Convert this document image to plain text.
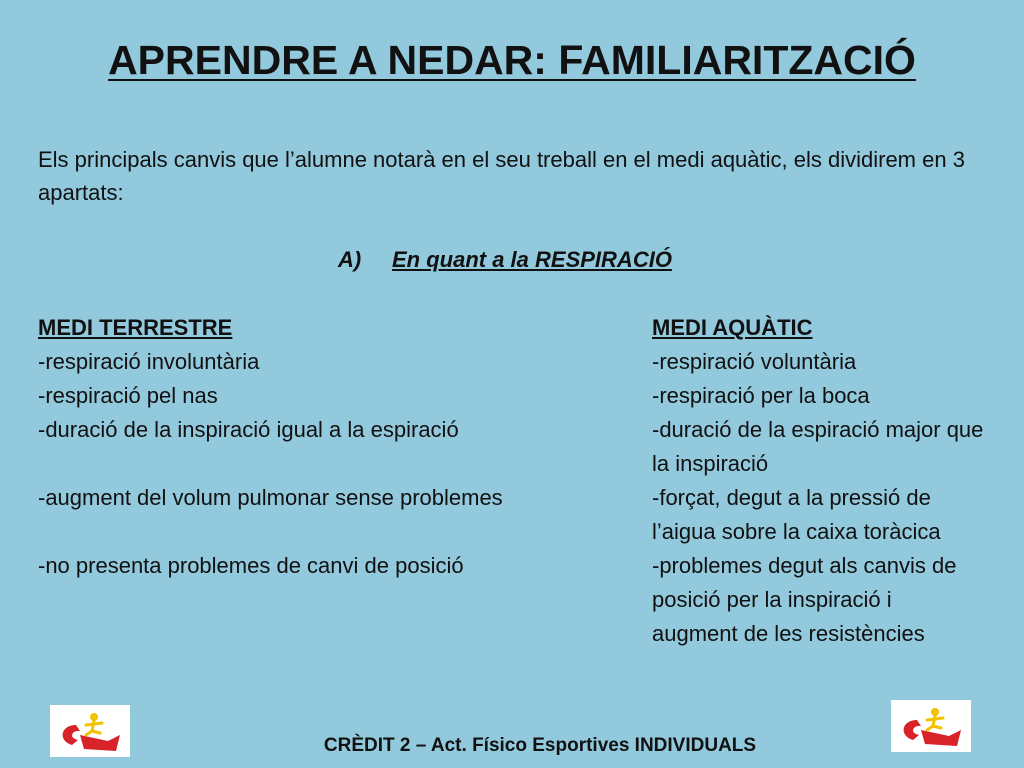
APRENDRE A NEDAR: FAMILIARITZACIÓ
Els principals canvis que l’alumne notarà en el seu treball en el medi aquàtic, els dividirem en 3 apartats:
A) En quant a la RESPIRACIÓ
MEDI TERRESTRE
-respiració involuntària
-respiració pel nas
-duració de la inspiració igual a la espiració
-augment del volum pulmonar sense problemes
-no presenta problemes de canvi de posició
MEDI AQUÀTIC
-respiració voluntària
-respiració per la boca
-duració de la espiració major que la inspiració
-forçat, degut a la pressió de l’aigua sobre la caixa toràcica
-problemes degut als canvis de posició per la inspiració i augment de les resistències
CRÈDIT 2 – Act. Físico Esportives INDIVIDUALS
